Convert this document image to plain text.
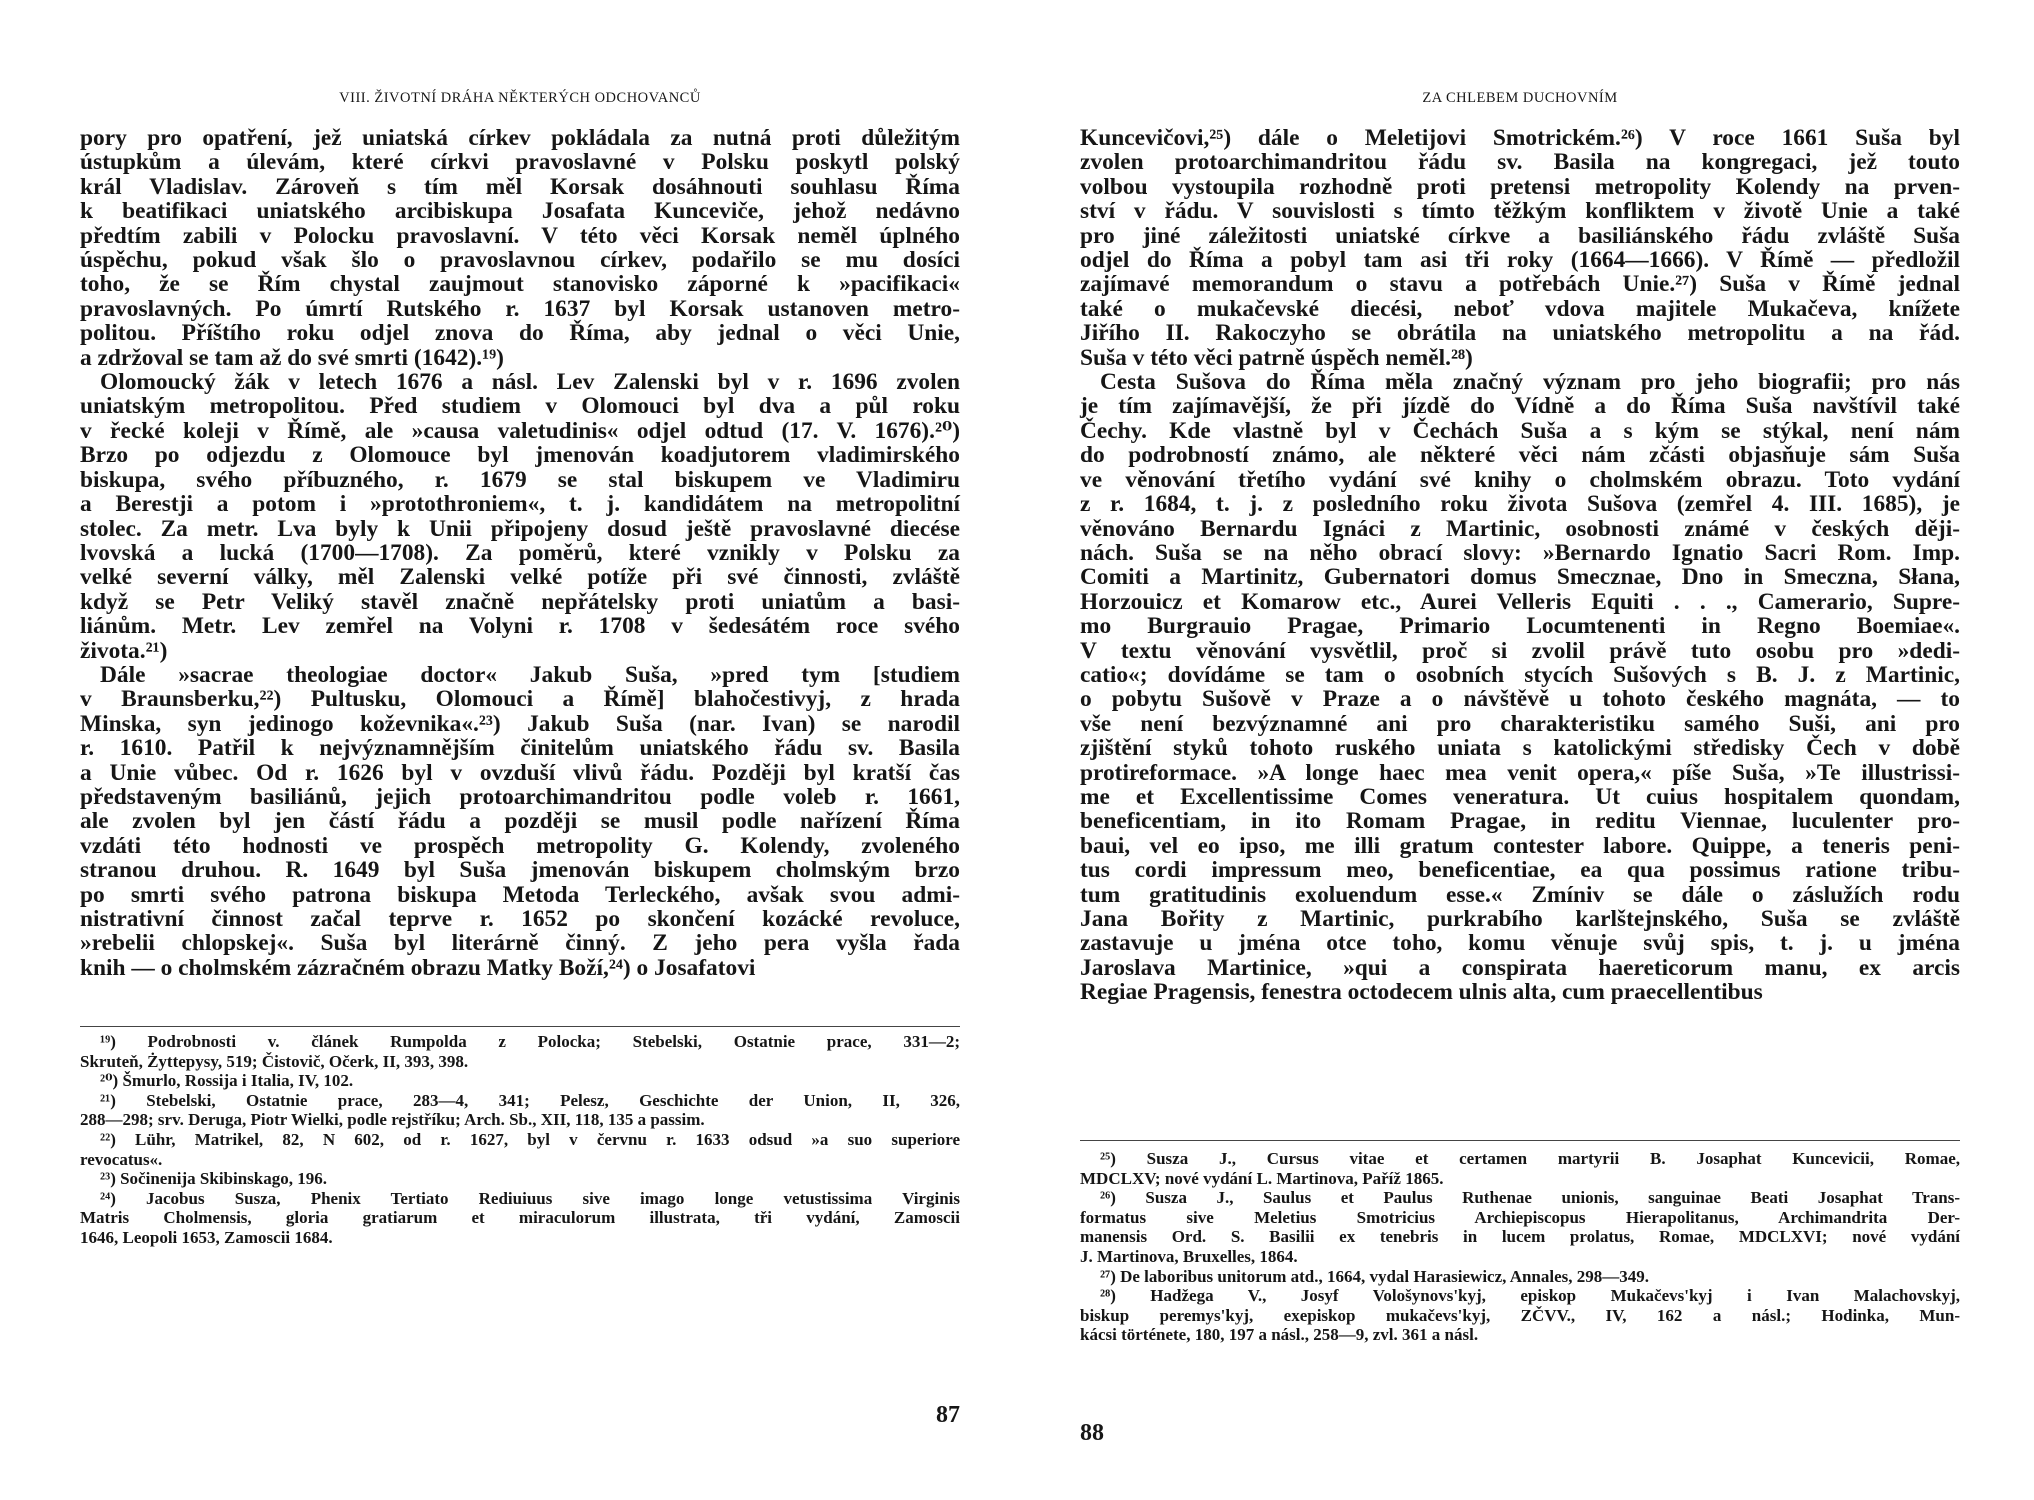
VIII. ŽIVOTNÍ DRÁHA NĚKTERÝCH ODCHOVANCŮ
pory pro opatření, jež uniatská církev pokládala za nutná proti důležitým
ústupkům a úlevám, které církvi pravoslavné v Polsku poskytl polský
král Vladislav. Zároveň s tím měl Korsak dosáhnouti souhlasu Říma
k beatifikaci uniatského arcibiskupa Josafata Kunceviče, jehož nedávno
předtím zabili v Polocku pravoslavní. V této věci Korsak neměl úplného
úspěchu, pokud však šlo o pravoslavnou církev, podařilo se mu dosíci
toho, že se Řím chystal zaujmout stanovisko záporné k »pacifikaci«
pravoslavných. Po úmrtí Rutského r. 1637 byl Korsak ustanoven metro-
politou. Příštího roku odjel znova do Říma, aby jednal o věci Unie,
a zdržoval se tam až do své smrti (1642).¹⁹)
Olomoucký žák v letech 1676 a násl. Lev Zalenski byl v r. 1696 zvolen
uniatským metropolitou. Před studiem v Olomouci byl dva a půl roku
v řecké koleji v Římě, ale »causa valetudinis« odjel odtud (17. V. 1676).²⁰)
Brzo po odjezdu z Olomouce byl jmenován koadjutorem vladimirského
biskupa, svého příbuzného, r. 1679 se stal biskupem ve Vladimiru
a Berestji a potom i »protothroniem«, t. j. kandidátem na metropolitní
stolec. Za metr. Lva byly k Unii připojeny dosud ještě pravoslavné diecése
lvovská a lucká (1700—1708). Za poměrů, které vznikly v Polsku za
velké severní války, měl Zalenski velké potíže při své činnosti, zvláště
když se Petr Veliký stavěl značně nepřátelsky proti uniatům a basi-
liánům. Metr. Lev zemřel na Volyni r. 1708 v šedesátém roce svého
života.²¹)
Dále »sacrae theologiae doctor« Jakub Suša, »pred tym [studiem
v Braunsberku,²²) Pultusku, Olomouci a Římě] blahočestivyj, z hrada
Minska, syn jedinogo koževnika«.²³) Jakub Suša (nar. Ivan) se narodil
r. 1610. Patřil k nejvýznamnějším činitelům uniatského řádu sv. Basila
a Unie vůbec. Od r. 1626 byl v ovzduší vlivů řádu. Později byl kratší čas
představeným basiliánů, jejich protoarchimandritou podle voleb r. 1661,
ale zvolen byl jen částí řádu a později se musil podle nařízení Říma
vzdáti této hodnosti ve prospěch metropolity G. Kolendy, zvoleného
stranou druhou. R. 1649 byl Suša jmenován biskupem cholmským brzo
po smrti svého patrona biskupa Metoda Terleckého, avšak svou admi-
nistrativní činnost začal teprve r. 1652 po skončení kozácké revoluce,
»rebelii chlopskej«. Suša byl literárně činný. Z jeho pera vyšla řada
knih — o cholmském zázračném obrazu Matky Boží,²⁴) o Josafatovi
¹⁹) Podrobnosti v. článek Rumpolda z Polocka; Stebelski, Ostatnie prace, 331—2;
Skruteň, Żyttepysy, 519; Čistovič, Očerk, II, 393, 398.
²⁰) Šmurlo, Rossija i Italia, IV, 102.
²¹) Stebelski, Ostatnie prace, 283—4, 341; Pelesz, Geschichte der Union, II, 326,
288—298; srv. Deruga, Piotr Wielki, podle rejstříku; Arch. Sb., XII, 118, 135 a passim.
²²) Lühr, Matrikel, 82, N 602, od r. 1627, byl v červnu r. 1633 odsud »a suo superiore
revocatus«.
²³) Sočinenija Skibinskago, 196.
²⁴) Jacobus Susza, Phenix Tertiato Rediuiuus sive imago longe vetustissima Virginis
Matris Cholmensis, gloria gratiarum et miraculorum illustrata, tři vydání, Zamoscii
1646, Leopoli 1653, Zamoscii 1684.
87
ZA CHLEBEM DUCHOVNÍM
Kuncevičovi,²⁵) dále o Meletijovi Smotrickém.²⁶) V roce 1661 Suša byl
zvolen protoarchimandritou řádu sv. Basila na kongregaci, jež touto
volbou vystoupila rozhodně proti pretensi metropolity Kolendy na prven-
ství v řádu. V souvislosti s tímto těžkým konfliktem v životě Unie a také
pro jiné záležitosti uniatské církve a basiliánského řádu zvláště Suša
odjel do Říma a pobyl tam asi tři roky (1664—1666). V Římě — předložil
zajímavé memorandum o stavu a potřebách Unie.²⁷) Suša v Římě jednal
také o mukačevské diecési, neboť vdova majitele Mukačeva, knížete
Jiřího II. Rakoczyho se obrátila na uniatského metropolitu a na řád.
Suša v této věci patrně úspěch neměl.²⁸)
Cesta Sušova do Říma měla značný význam pro jeho biografii; pro nás
je tím zajímavější, že při jízdě do Vídně a do Říma Suša navštívil také
Čechy. Kde vlastně byl v Čechách Suša a s kým se stýkal, není nám
do podrobností známo, ale některé věci nám zčásti objasňuje sám Suša
ve věnování třetího vydání své knihy o cholmském obrazu. Toto vydání
z r. 1684, t. j. z posledního roku života Sušova (zemřel 4. III. 1685), je
věnováno Bernardu Ignáci z Martinic, osobnosti známé v českých ději-
nách. Suša se na něho obrací slovy: »Bernardo Ignatio Sacri Rom. Imp.
Comiti a Martinitz, Gubernatori domus Smecznae, Dno in Smeczna, Słana,
Horzouicz et Komarow etc., Aurei Velleris Equiti . . ., Camerario, Supre-
mo Burgrauio Pragae, Primario Locumtenenti in Regno Boemiae«.
V textu věnování vysvětlil, proč si zvolil právě tuto osobu pro »dedi-
catio«; dovídáme se tam o osobních stycích Sušových s B. J. z Martinic,
o pobytu Sušově v Praze a o návštěvě u tohoto českého magnáta, — to
vše není bezvýznamné ani pro charakteristiku samého Suši, ani pro
zjištění styků tohoto ruského uniata s katolickými středisky Čech v době
protireformace. »A longe haec mea venit opera,« píše Suša, »Te illustrissi-
me et Excellentissime Comes veneratura. Ut cuius hospitalem quondam,
beneficentiam, in ito Romam Pragae, in reditu Viennae, luculenter pro-
baui, vel eo ipso, me illi gratum contester labore. Quippe, a teneris peni-
tus cordi impressum meo, beneficentiae, ea qua possimus ratione tribu-
tum gratitudinis exoluendum esse.« Zmíniv se dále o záslužích rodu
Jana Bořity z Martinic, purkrabího karlštejnského, Suša se zvláště
zastavuje u jména otce toho, komu věnuje svůj spis, t. j. u jména
Jaroslava Martinice, »qui a conspirata haereticorum manu, ex arcis
Regiae Pragensis, fenestra octodecem ulnis alta, cum praecellentibus
²⁵) Susza J., Cursus vitae et certamen martyrii B. Josaphat Kuncevicii, Romae,
MDCLXV; nové vydání L. Martinova, Paříž 1865.
²⁶) Susza J., Saulus et Paulus Ruthenae unionis, sanguinae Beati Josaphat Trans-
formatus sive Meletius Smotricius Archiepiscopus Hierapolitanus, Archimandrita Der-
manensis Ord. S. Basilii ex tenebris in lucem prolatus, Romae, MDCLXVI; nové vydání
J. Martinova, Bruxelles, 1864.
²⁷) De laboribus unitorum atd., 1664, vydal Harasiewicz, Annales, 298—349.
²⁸) Hadžega V., Josyf Vološynovs'kyj, episkop Mukačevs'kyj i Ivan Malachovskyj,
biskup peremys'kyj, exepiskop mukačevs'kyj, ZČVV., IV, 162 a násl.; Hodinka, Mun-
kácsi története, 180, 197 a násl., 258—9, zvl. 361 a násl.
88
